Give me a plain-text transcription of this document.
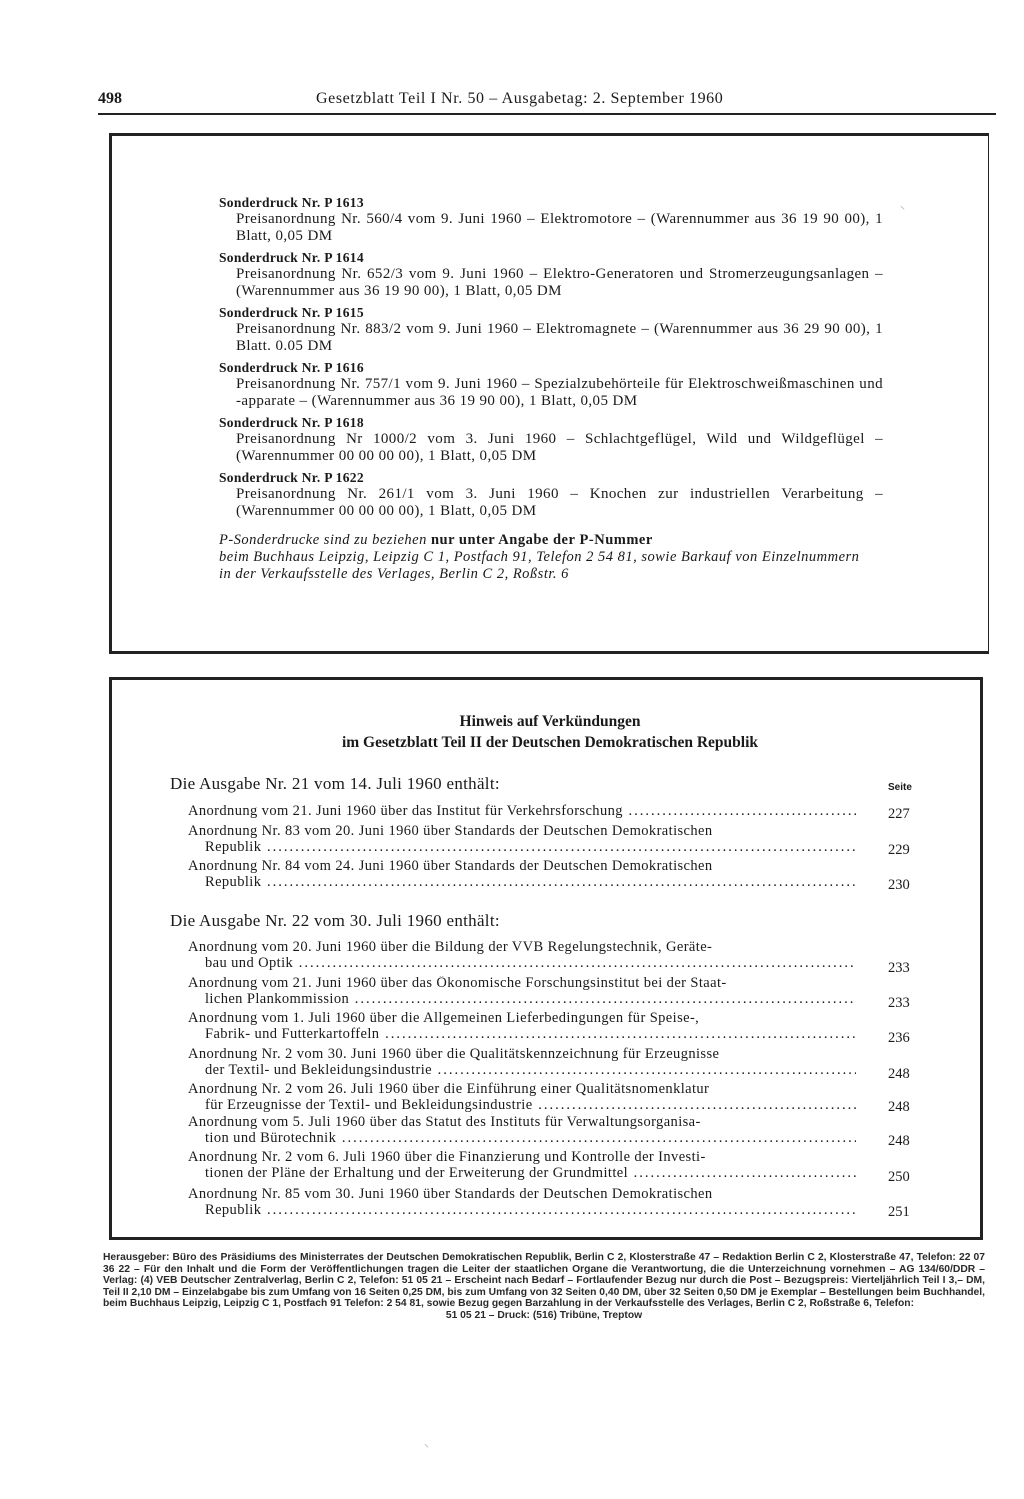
498	Gesetzblatt Teil I Nr. 50 – Ausgabetag: 2. September 1960
⸌
Sonderdruck Nr. P 1613
Preisanordnung Nr. 560/4 vom 9. Juni 1960 – Elektromotore – (Warennummer aus 36 19 90 00), 1 Blatt, 0,05 DM
Sonderdruck Nr. P 1614
Preisanordnung Nr. 652/3 vom 9. Juni 1960 – Elektro-Generatoren und Stromerzeugungsanlagen – (Warennummer aus 36 19 90 00), 1 Blatt, 0,05 DM
Sonderdruck Nr. P 1615
Preisanordnung Nr. 883/2 vom 9. Juni 1960 – Elektromagnete – (Warennummer aus 36 29 90 00), 1 Blatt. 0.05 DM
Sonderdruck Nr. P 1616
Preisanordnung Nr. 757/1 vom 9. Juni 1960 – Spezialzubehörteile für Elektroschweißmaschinen und -apparate – (Warennummer aus 36 19 90 00), 1 Blatt, 0,05 DM
Sonderdruck Nr. P 1618
Preisanordnung Nr 1000/2 vom 3. Juni 1960 – Schlachtgeflügel, Wild und Wildgeflügel – (Warennummer 00 00 00 00), 1 Blatt, 0,05 DM
Sonderdruck Nr. P 1622
Preisanordnung Nr. 261/1 vom 3. Juni 1960 – Knochen zur industriellen Verarbeitung – (Warennummer 00 00 00 00), 1 Blatt, 0,05 DM
P-Sonderdrucke sind zu beziehen nur unter Angabe der P-Nummer
beim Buchhaus Leipzig, Leipzig C 1, Postfach 91, Telefon 2 54 81, sowie Barkauf von Einzelnummern in der Verkaufsstelle des Verlages, Berlin C 2, Roßstr. 6
Hinweis auf Verkündungen
im Gesetzblatt Teil II der Deutschen Demokratischen Republik
Die Ausgabe Nr. 21 vom 14. Juli 1960 enthält:	Seite
Anordnung vom 21. Juni 1960 über das Institut für Verkehrsforschung .....	227
Anordnung Nr. 83 vom 20. Juni 1960 über Standards der Deutschen Demokratischen
Republik .....	229
Anordnung Nr. 84 vom 24. Juni 1960 über Standards der Deutschen Demokratischen
Republik .....	230
Die Ausgabe Nr. 22 vom 30. Juli 1960 enthält:
Anordnung vom 20. Juni 1960 über die Bildung der VVB Regelungstechnik, Geräte-
bau und Optik .....	233
Anordnung vom 21. Juni 1960 über das Ökonomische Forschungsinstitut bei der Staat-
lichen Plankommission .....	233
Anordnung vom 1. Juli 1960 über die Allgemeinen Lieferbedingungen für Speise-,
Fabrik- und Futterkartoffeln .....	236
Anordnung Nr. 2 vom 30. Juni 1960 über die Qualitätskennzeichnung für Erzeugnisse
der Textil- und Bekleidungsindustrie .....	248
Anordnung Nr. 2 vom 26. Juli 1960 über die Einführung einer Qualitätsnomenklatur
für Erzeugnisse der Textil- und Bekleidungsindustrie .....	248
Anordnung vom 5. Juli 1960 über das Statut des Instituts für Verwaltungsorganisa-
tion und Bürotechnik .....	248
Anordnung Nr. 2 vom 6. Juli 1960 über die Finanzierung und Kontrolle der Investi-
tionen der Pläne der Erhaltung und der Erweiterung der Grundmittel .....	250
Anordnung Nr. 85 vom 30. Juni 1960 über Standards der Deutschen Demokratischen
Republik .....	251
Herausgeber: Büro des Präsidiums des Ministerrates der Deutschen Demokratischen Republik, Berlin C 2, Klosterstraße 47 – Redaktion Berlin C 2, Klosterstraße 47, Telefon: 22 07 36 22 – Für den Inhalt und die Form der Veröffentlichungen tragen die Leiter der staatlichen Organe die Verantwortung, die die Unterzeichnung vornehmen – AG 134/60/DDR – Verlag: (4) VEB Deutscher Zentralverlag, Berlin C 2, Telefon: 51 05 21 – Erscheint nach Bedarf – Fortlaufender Bezug nur durch die Post – Bezugspreis: Vierteljährlich Teil I 3,– DM, Teil II 2,10 DM – Einzelabgabe bis zum Umfang von 16 Seiten 0,25 DM, bis zum Umfang von 32 Seiten 0,40 DM, über 32 Seiten 0,50 DM je Exemplar – Bestellungen beim Buchhandel, beim Buchhaus Leipzig, Leipzig C 1, Postfach 91 Telefon: 2 54 81, sowie Bezug gegen Barzahlung in der Verkaufsstelle des Verlages, Berlin C 2, Roßstraße 6, Telefon:
51 05 21 – Druck: (516) Tribüne, Treptow
⸌
